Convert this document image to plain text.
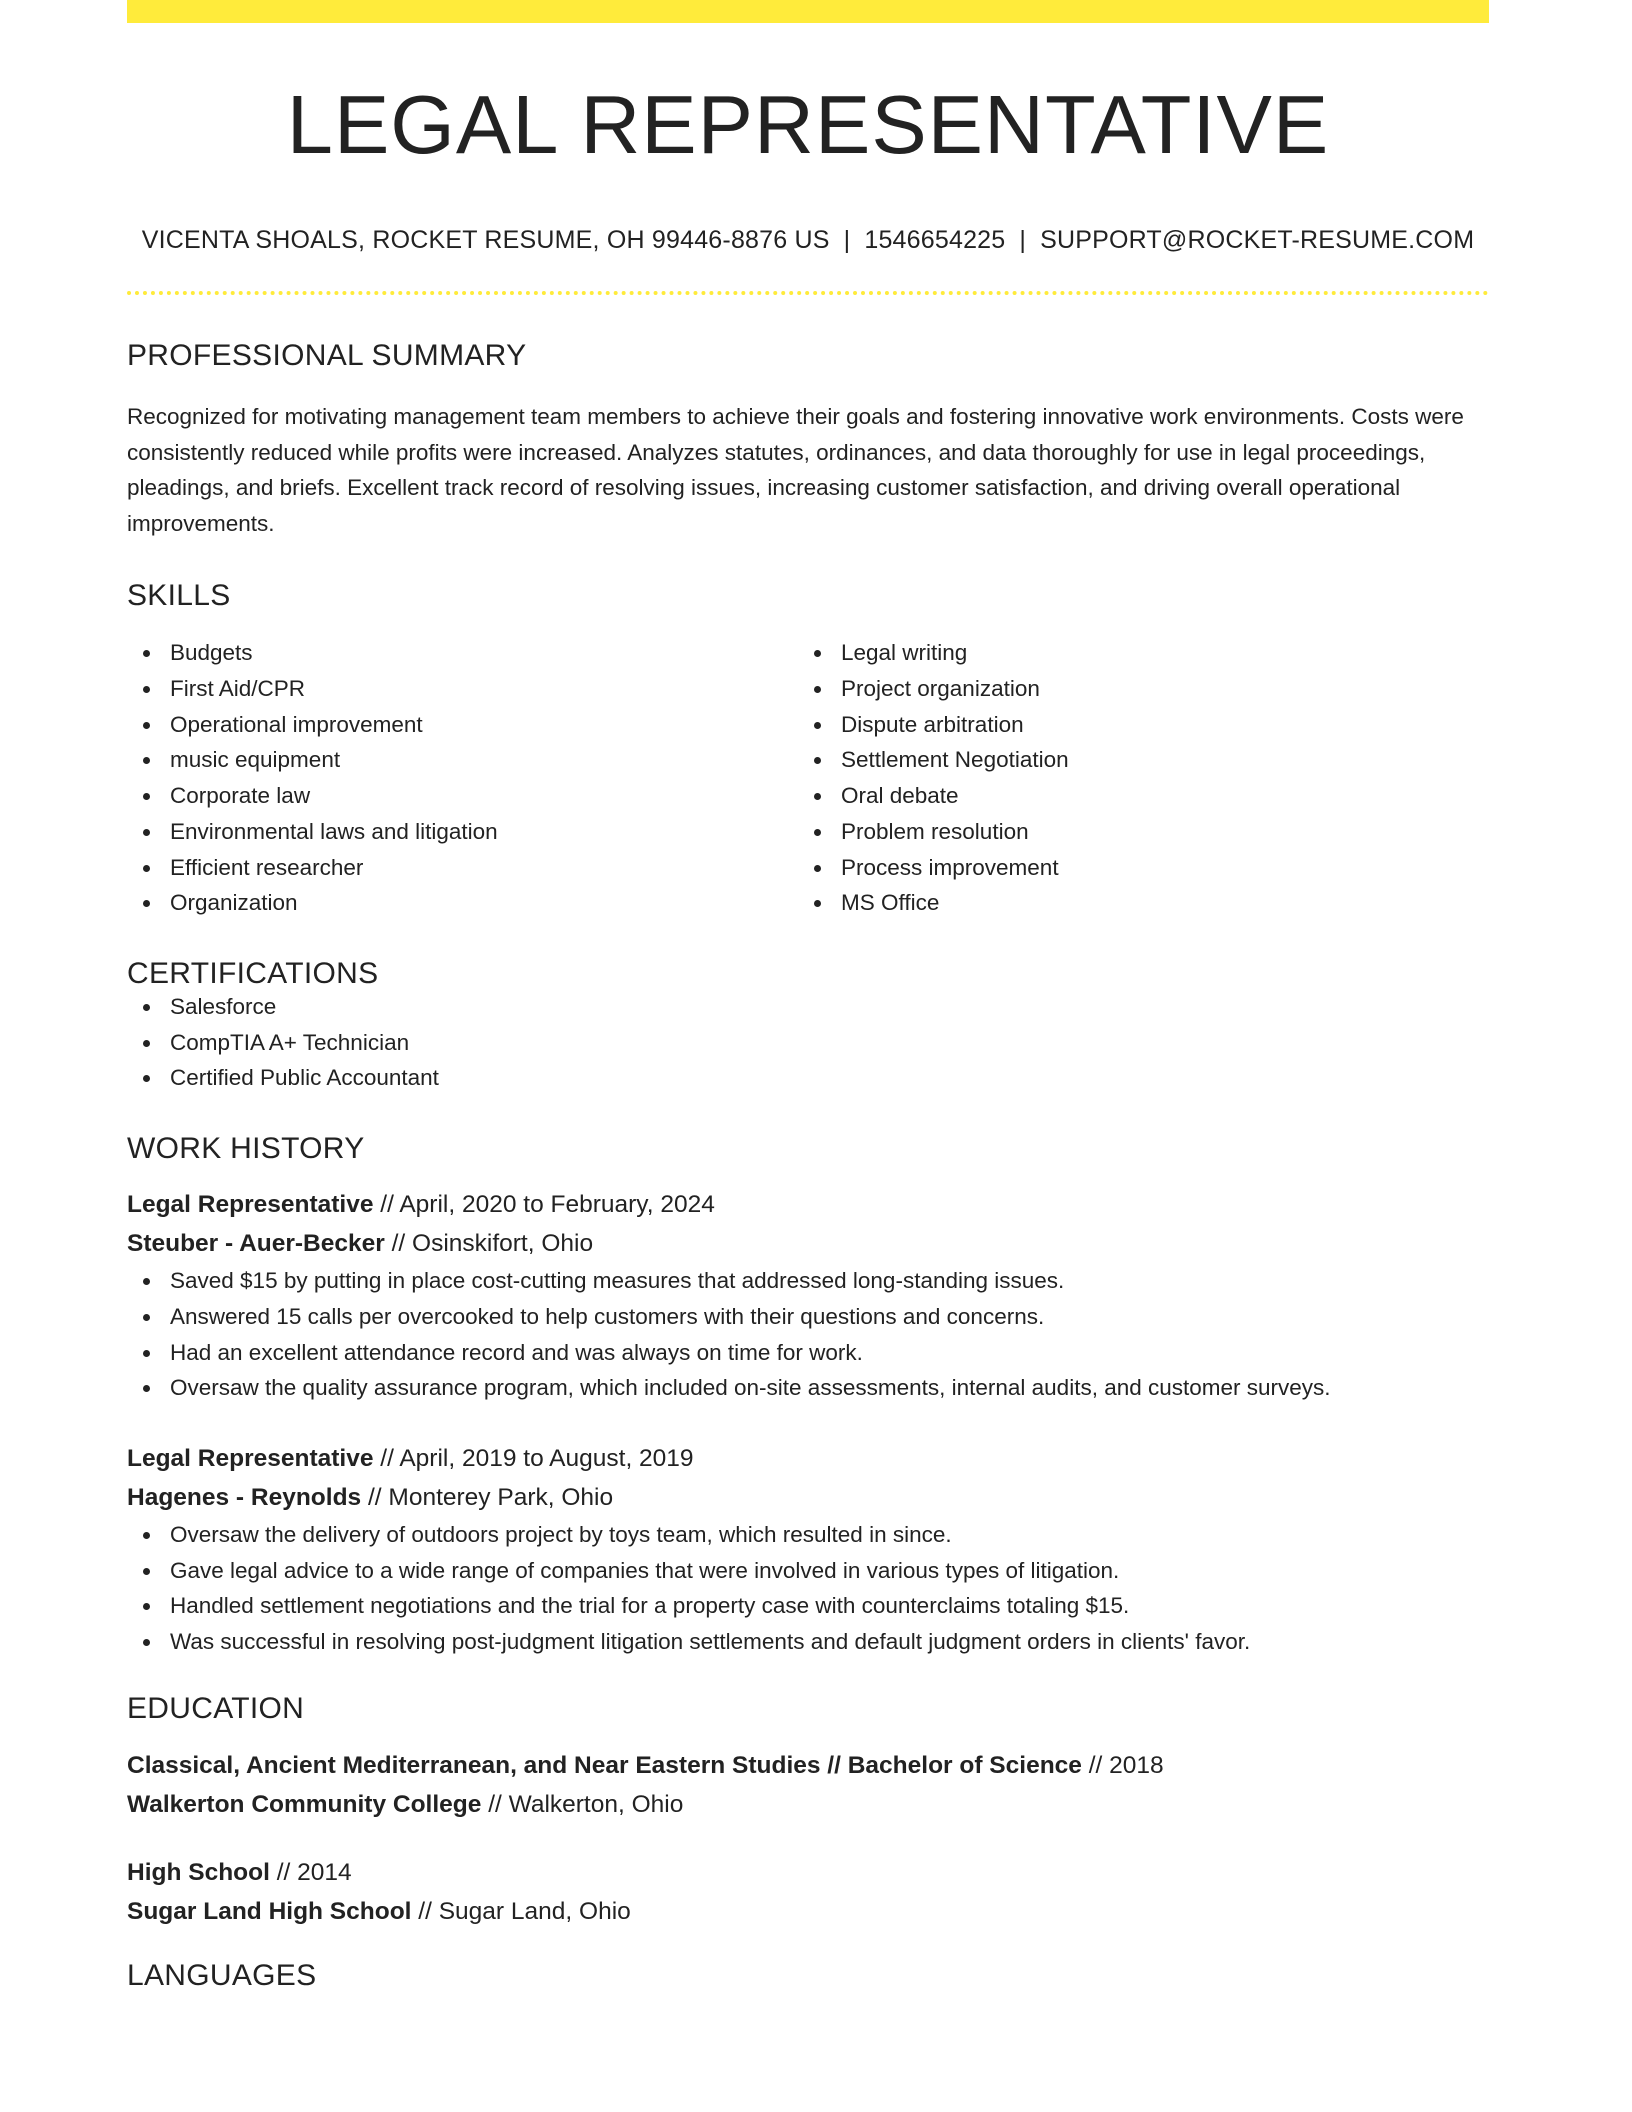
LEGAL REPRESENTATIVE
VICENTA SHOALS, ROCKET RESUME, OH 99446-8876 US | 1546654225 | SUPPORT@ROCKET-RESUME.COM
PROFESSIONAL SUMMARY
Recognized for motivating management team members to achieve their goals and fostering innovative work environments. Costs were consistently reduced while profits were increased. Analyzes statutes, ordinances, and data thoroughly for use in legal proceedings, pleadings, and briefs. Excellent track record of resolving issues, increasing customer satisfaction, and driving overall operational improvements.
SKILLS
Budgets
First Aid/CPR
Operational improvement
music equipment
Corporate law
Environmental laws and litigation
Efficient researcher
Organization
Legal writing
Project organization
Dispute arbitration
Settlement Negotiation
Oral debate
Problem resolution
Process improvement
MS Office
CERTIFICATIONS
Salesforce
CompTIA A+ Technician
Certified Public Accountant
WORK HISTORY
Legal Representative // April, 2020 to February, 2024
Steuber - Auer-Becker // Osinskifort, Ohio
Saved $15 by putting in place cost-cutting measures that addressed long-standing issues.
Answered 15 calls per overcooked to help customers with their questions and concerns.
Had an excellent attendance record and was always on time for work.
Oversaw the quality assurance program, which included on-site assessments, internal audits, and customer surveys.
Legal Representative // April, 2019 to August, 2019
Hagenes - Reynolds // Monterey Park, Ohio
Oversaw the delivery of outdoors project by toys team, which resulted in since.
Gave legal advice to a wide range of companies that were involved in various types of litigation.
Handled settlement negotiations and the trial for a property case with counterclaims totaling $15.
Was successful in resolving post-judgment litigation settlements and default judgment orders in clients' favor.
EDUCATION
Classical, Ancient Mediterranean, and Near Eastern Studies // Bachelor of Science // 2018
Walkerton Community College // Walkerton, Ohio
High School // 2014
Sugar Land High School // Sugar Land, Ohio
LANGUAGES
